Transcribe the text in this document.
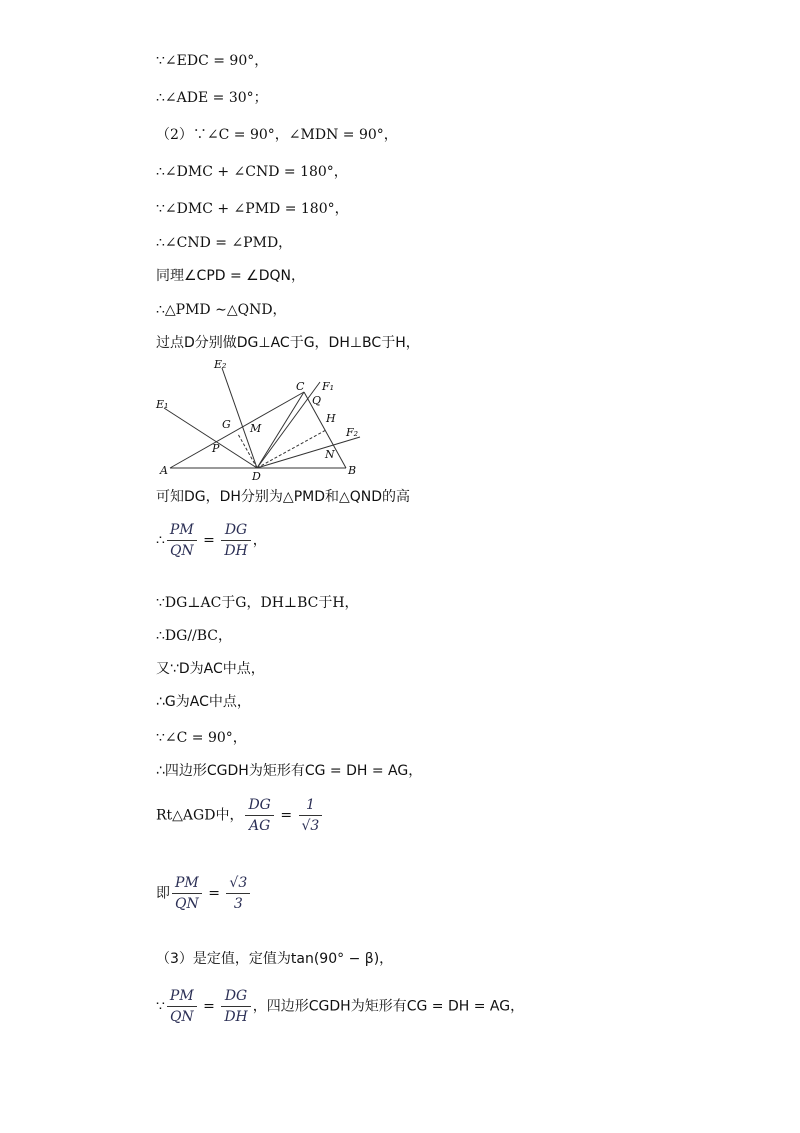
∵∠EDC = 90°，
∴∠ADE = 30°；
（2）∵∠C = 90°，∠MDN = 90°，
∴∠DMC + ∠CND = 180°，
∵∠DMC + ∠PMD = 180°，
∴∠CND = ∠PMD，
同理∠CPD = ∠DQN，
∴△PMD ∼△QND，
过点D分别做DG⊥AC于G，DH⊥BC于H，
E₂
C F₁
Q
E₁
G M
H
F₂
P	N
A	D	B
可知DG，DH分别为△PMD和△QND的高
∴ $\frac{PM}{QN} = \frac{DG}{DH}$ ，
∵DG⊥AC于G，DH⊥BC于H，
∴DG//BC，
又∵D为AC中点，
∴G为AC中点，
∵∠C = 90°，
∴四边形CGDH为矩形有CG = DH = AG，
Rt△AGD中， $\frac{DG}{AG} = \frac{1}{√3}$
即 $\frac{PM}{QN} = \frac{√3}{3}$
（3）是定值，定值为tan(90° − β)，
∵ $\frac{PM}{QN} = \frac{DG}{DH}$ ，四边形CGDH为矩形有CG = DH = AG，
